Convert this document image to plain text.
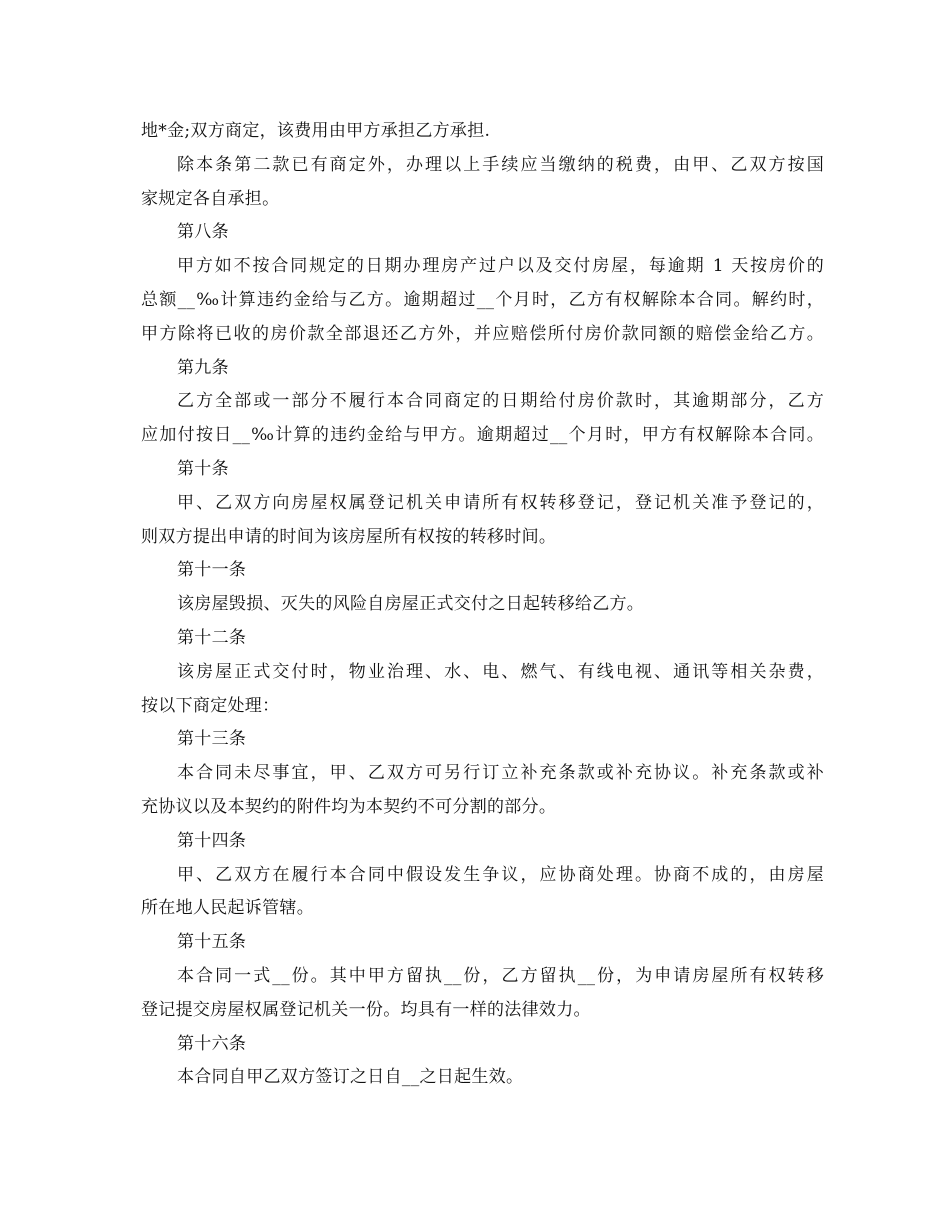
地*金;双方商定，该费用由甲方承担乙方承担.
除本条第二款已有商定外，办理以上手续应当缴纳的税费，由甲、乙双方按国
家规定各自承担。
第八条
甲方如不按合同规定的日期办理房产过户以及交付房屋，每逾期 1 天按房价的
总额__‰计算违约金给与乙方。逾期超过__个月时，乙方有权解除本合同。解约时，
甲方除将已收的房价款全部退还乙方外，并应赔偿所付房价款同额的赔偿金给乙方。
第九条
乙方全部或一部分不履行本合同商定的日期给付房价款时，其逾期部分，乙方
应加付按日__‰计算的违约金给与甲方。逾期超过__个月时，甲方有权解除本合同。
第十条
甲、乙双方向房屋权属登记机关申请所有权转移登记，登记机关准予登记的，
则双方提出申请的时间为该房屋所有权按的转移时间。
第十一条
该房屋毁损、灭失的风险自房屋正式交付之日起转移给乙方。
第十二条
该房屋正式交付时，物业治理、水、电、燃气、有线电视、通讯等相关杂费，
按以下商定处理：
第十三条
本合同未尽事宜，甲、乙双方可另行订立补充条款或补充协议。补充条款或补
充协议以及本契约的附件均为本契约不可分割的部分。
第十四条
甲、乙双方在履行本合同中假设发生争议，应协商处理。协商不成的，由房屋
所在地人民起诉管辖。
第十五条
本合同一式__份。其中甲方留执__份，乙方留执__份，为申请房屋所有权转移
登记提交房屋权属登记机关一份。均具有一样的法律效力。
第十六条
本合同自甲乙双方签订之日自__之日起生效。
